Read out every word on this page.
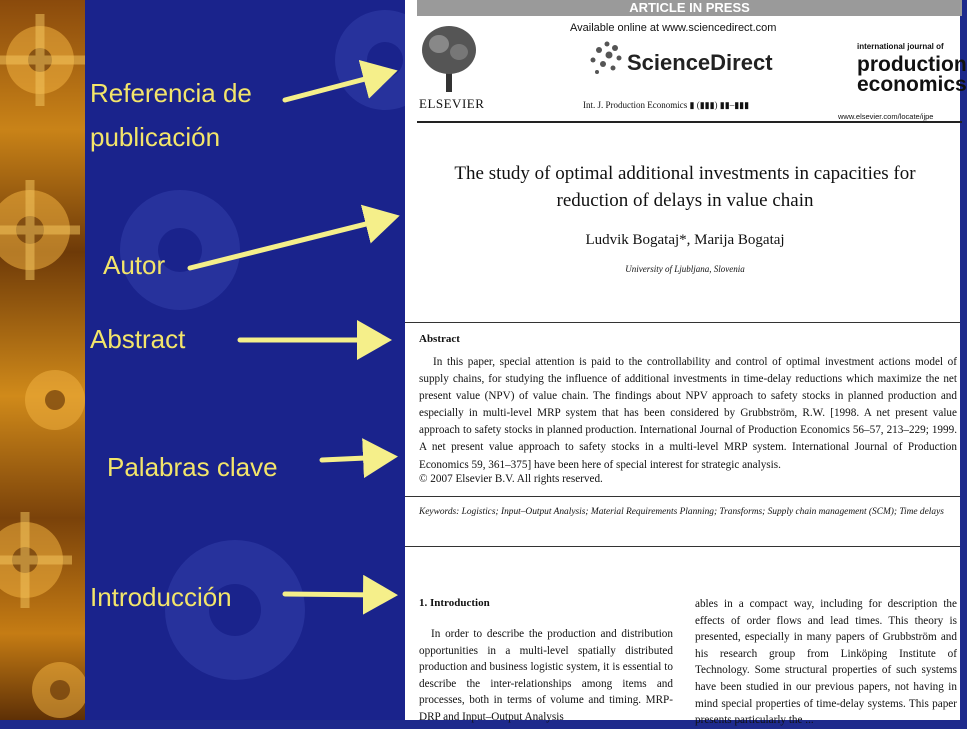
Referencia de
publicación
Autor
Abstract
Palabras clave
Introducción
ARTICLE IN PRESS
ELSEVIER
Available online at www.sciencedirect.com
ScienceDirect
Int. J. Production Economics ▮ (▮▮▮) ▮▮–▮▮▮
international journal of
production
economics
www.elsevier.com/locate/ijpe
The study of optimal additional investments in capacities for reduction of delays in value chain
Ludvik Bogataj*, Marija Bogataj
University of Ljubljana, Slovenia
Abstract
In this paper, special attention is paid to the controllability and control of optimal investment actions model of supply chains, for studying the influence of additional investments in time-delay reductions which maximize the net present value (NPV) of value chain. The findings about NPV approach to safety stocks in planned production and especially in multi-level MRP system that has been considered by Grubbström, R.W. [1998. A net present value approach to safety stocks in planned production. International Journal of Production Economics 56–57, 213–229; 1999. A net present value approach to safety stocks in a multi-level MRP system. International Journal of Production Economics 59, 361–375] have been here of special interest for strategic analysis.
© 2007 Elsevier B.V. All rights reserved.
Keywords: Logistics; Input–Output Analysis; Material Requirements Planning; Transforms; Supply chain management (SCM); Time delays
1. Introduction
In order to describe the production and distribution opportunities in a multi-level spatially distributed production and business logistic system, it is essential to describe the inter-relationships among items and processes, both in terms of volume and timing. MRP-DRP and Input–Output Analysis
ables in a compact way, including for description the effects of order flows and lead times. This theory is presented, especially in many papers of Grubbström and his research group from Linköping Institute of Technology. Some structural properties of such systems have been studied in our previous papers, not having in mind special properties of time-delay systems. This paper presents particularly the ...
